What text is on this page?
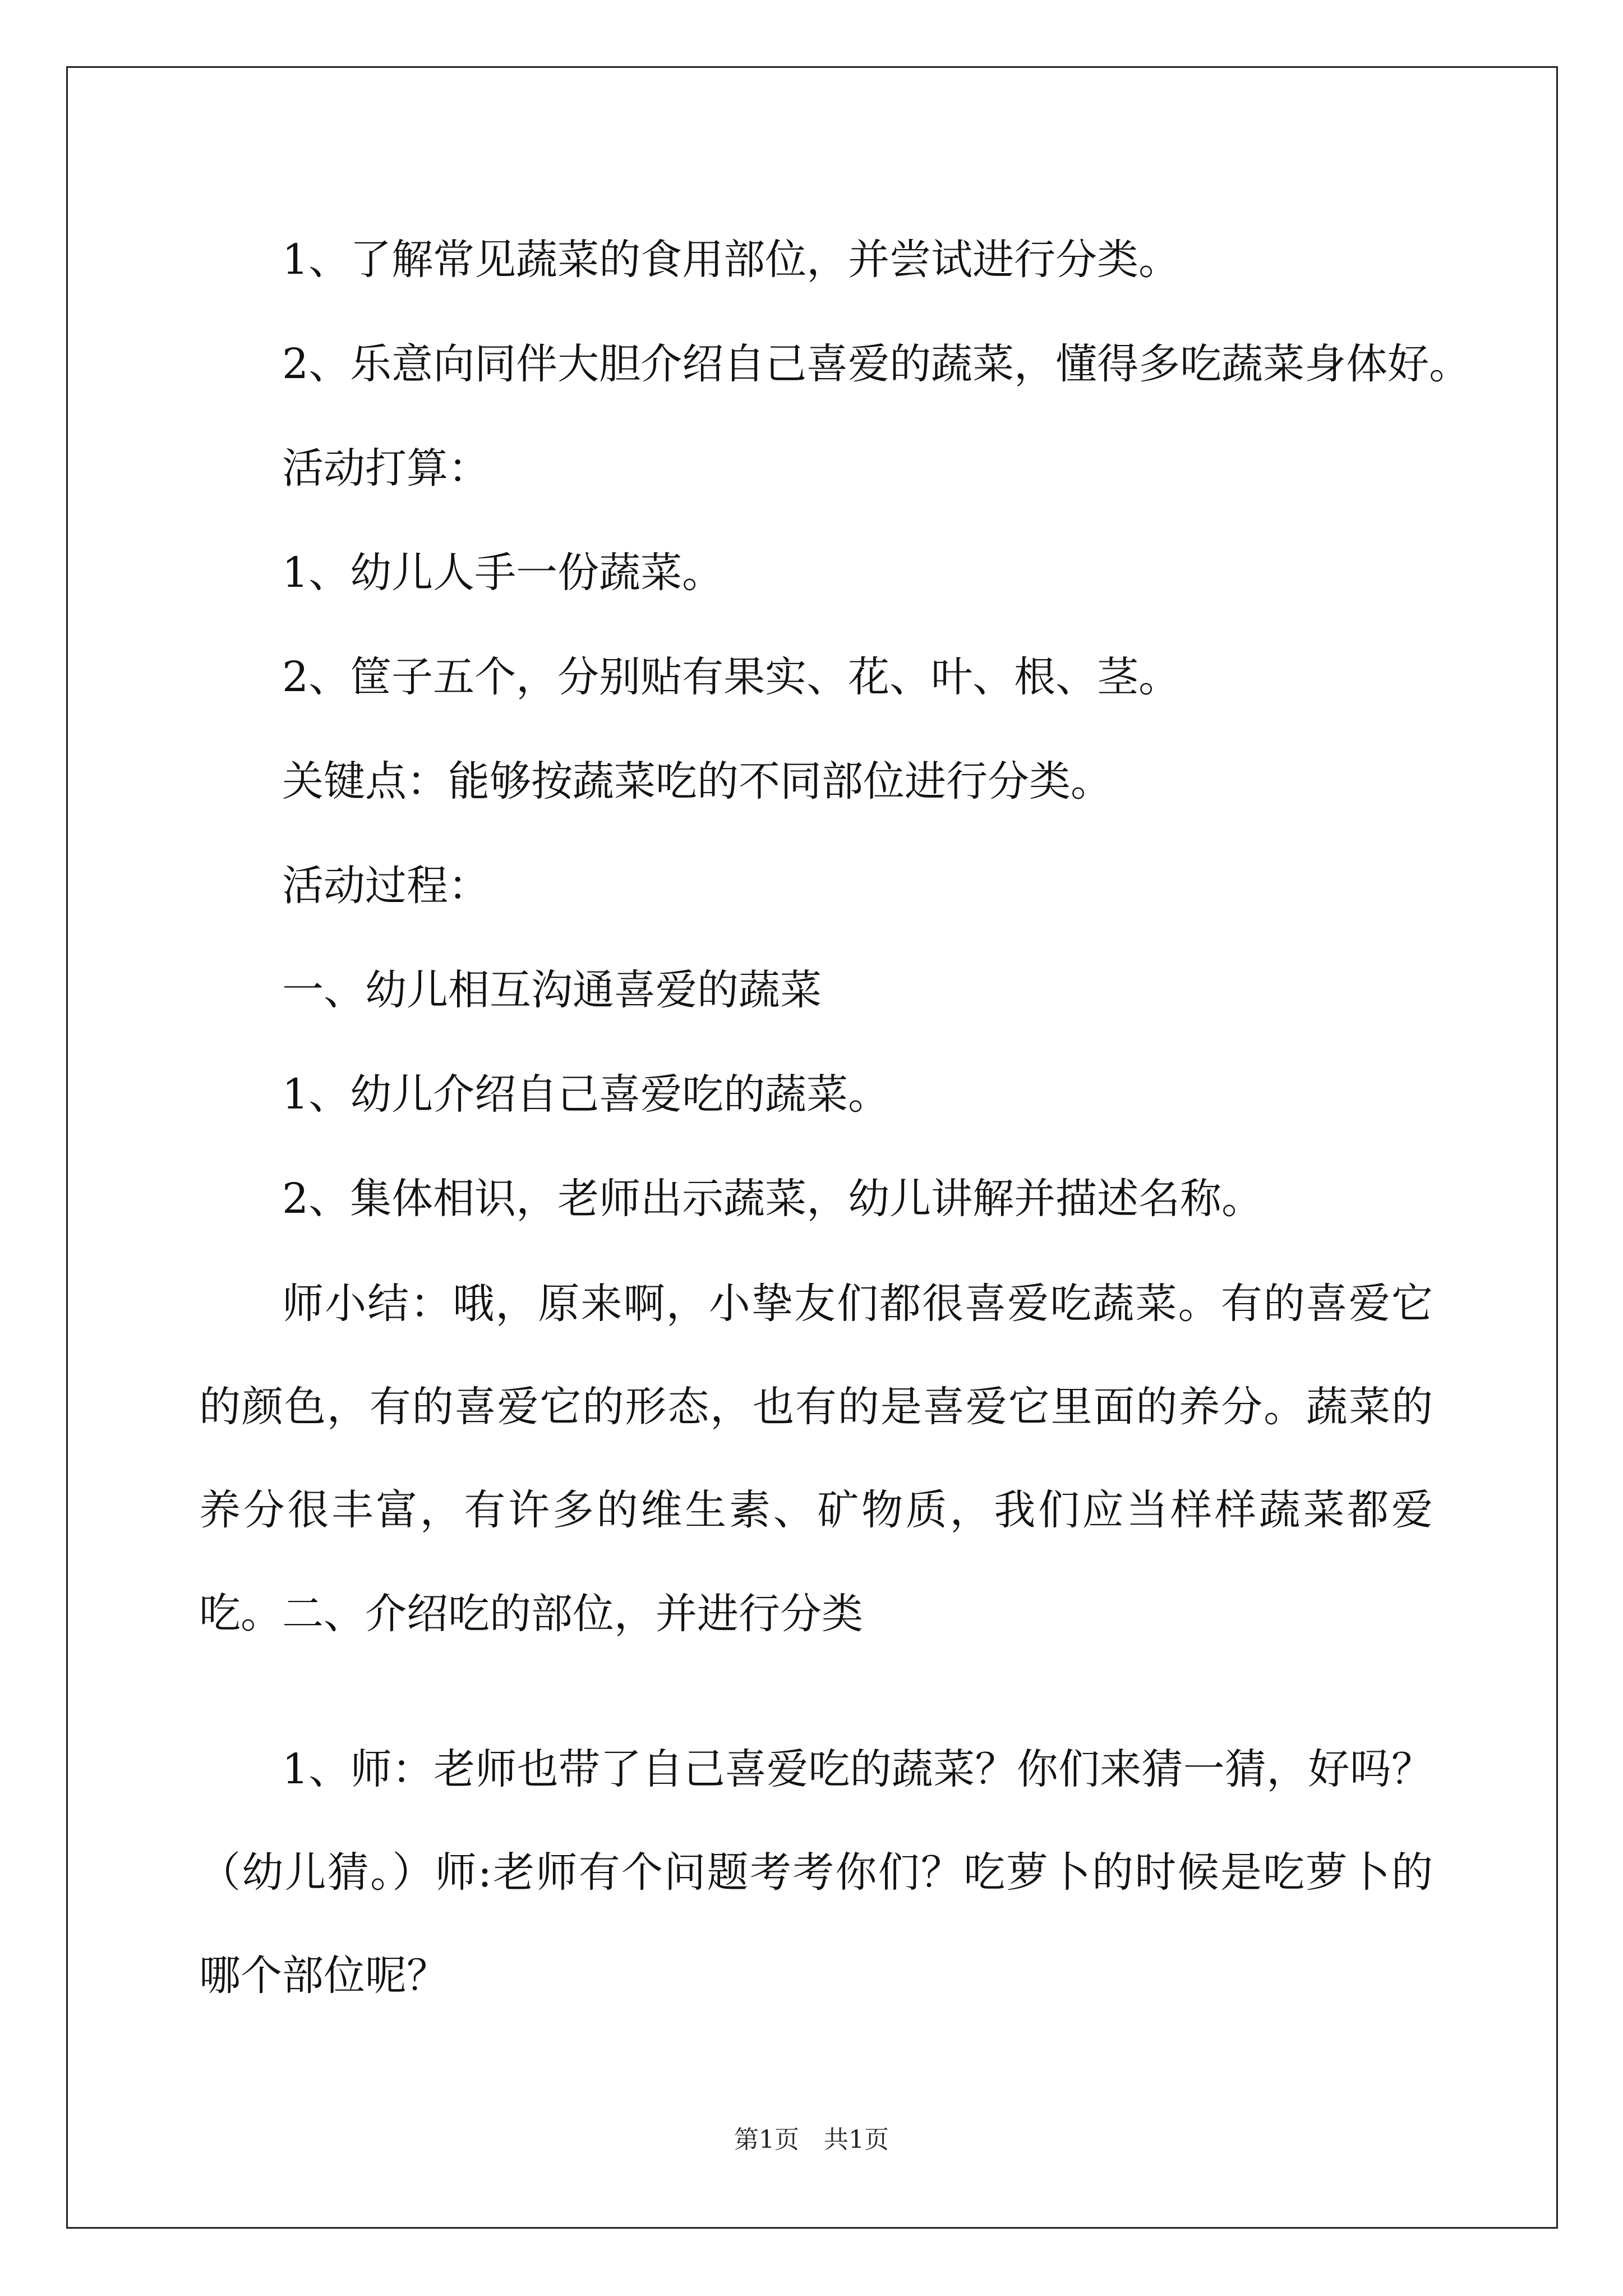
1、了解常见蔬菜的食用部位，并尝试进行分类。

2、乐意向同伴大胆介绍自己喜爱的蔬菜，懂得多吃蔬菜身体好。

活动打算：

1、幼儿人手一份蔬菜。

2、筐子五个，分别贴有果实、花、叶、根、茎。

关键点：能够按蔬菜吃的不同部位进行分类。

活动过程：

一、幼儿相互沟通喜爱的蔬菜

1、幼儿介绍自己喜爱吃的蔬菜。

2、集体相识，老师出示蔬菜，幼儿讲解并描述名称。

师小结：哦，原来啊，小挚友们都很喜爱吃蔬菜。有的喜爱它的颜色，有的喜爱它的形态，也有的是喜爱它里面的养分。蔬菜的养分很丰富，有许多的维生素、矿物质，我们应当样样蔬菜都爱吃。 二、介绍吃的部位，并进行分类

1、师：老师也带了自己喜爱吃的蔬菜？你们来猜一猜，好吗？（幼儿猜。）师:老师有个问题考考你们？吃萝卜的时候是吃萝卜的哪个部位呢？

第1页　共1页
